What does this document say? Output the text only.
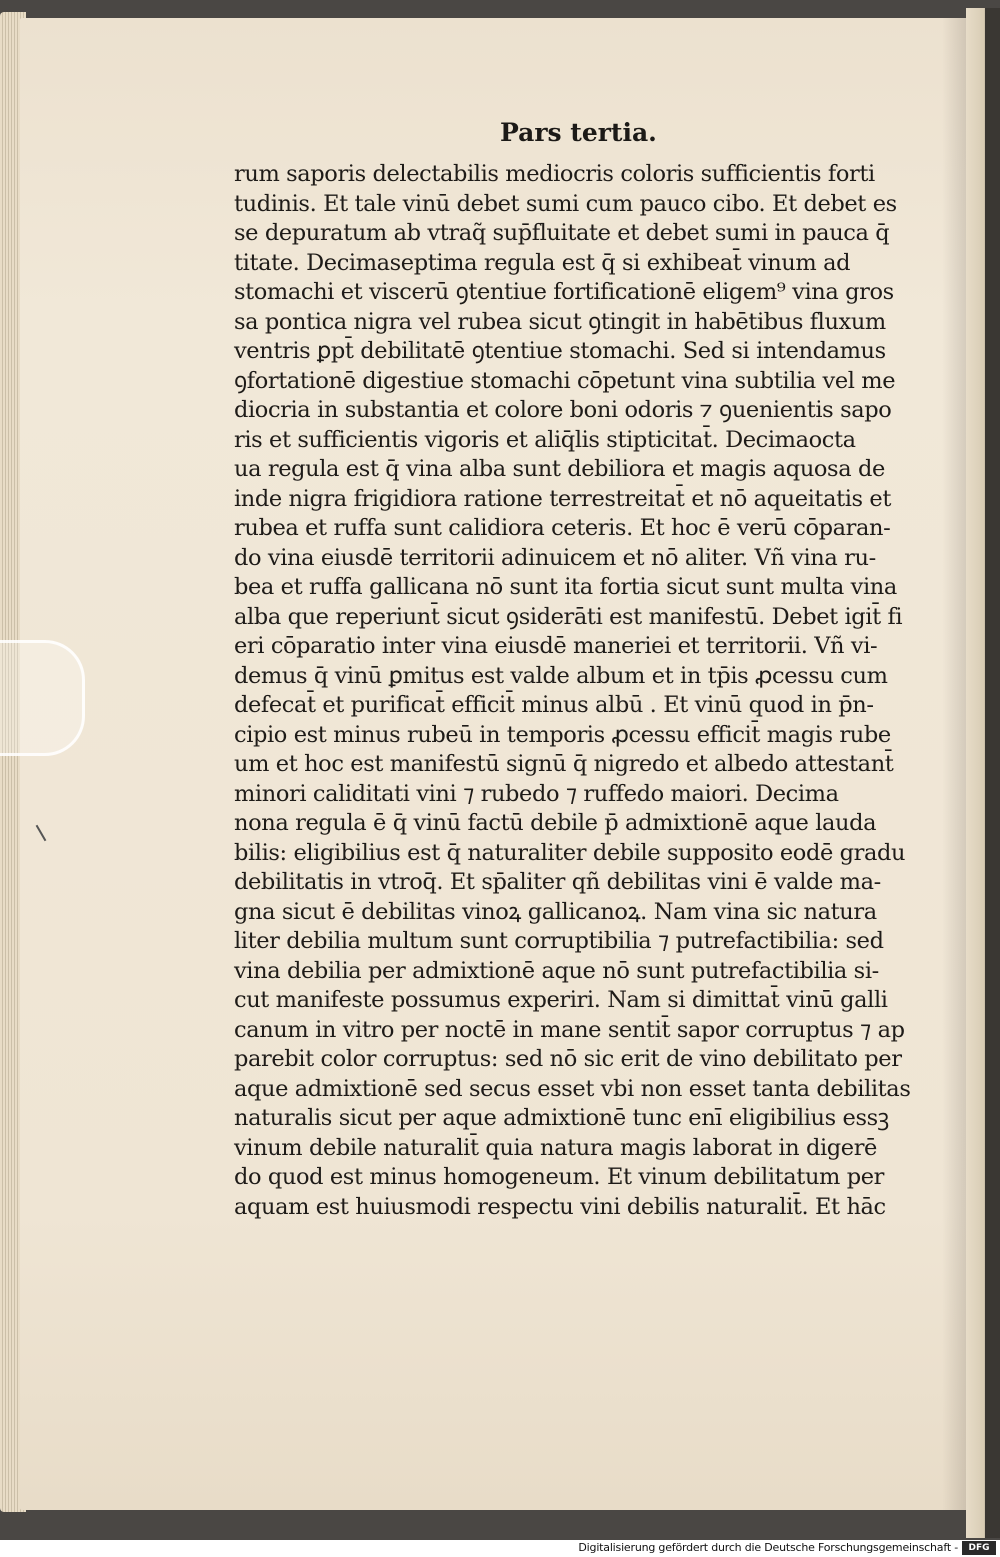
Pars tertia.
rum saporis delectabilis mediocris coloris sufficientis forti
tudinis. Et tale vinū debet sumi cum pauco cibo. Et debet es
se depuratum ab vtraq̃ sup̄fluitate et debet sumi in pauca q̄
titate. Decimaseptima regula est q̄ si exhibeat̄ vinum ad
stomachi et viscerū ꝯtentiue fortificationē eligem⁹ vina gros
sa pontica nigra vel rubea sicut ꝯtingit in habētibus fluxum
ventris ꝑpt̄ debilitatē ꝯtentiue stomachi. Sed si intendamus
ꝯfortationē digestiue stomachi cōpetunt vina subtilia vel me
diocria in substantia et colore boni odoris ⁊ ꝯuenientis sapo
ris et sufficientis vigoris et aliq̄lis stipticitat̄. Decimaocta
ua regula est q̄ vina alba sunt debiliora et magis aquosa de
inde nigra frigidiora ratione terrestreitat̄ et nō aqueitatis et
rubea et ruffa sunt calidiora ceteris. Et hoc ē verū cōparan-
do vina eiusdē territorii adinuicem et nō aliter. Vñ vina ru-
bea et ruffa gallicana nō sunt ita fortia sicut sunt multa vina
alba que reperiunt̄ sicut ꝯsiderāti est manifestū. Debet igit̄ fi
eri cōparatio inter vina eiusdē maneriei et territorii. Vñ vi-
demus q̄ vinū ꝑmitus est valde album et in tp̄is ꝓcessu cum
defecat̄ et purificat̄ efficit̄ minus albū . Et vinū quod in p̄n-
cipio est minus rubeū in temporis ꝓcessu efficit̄ magis rube
um et hoc est manifestū signū q̄ nigredo et albedo attestant̄
minori caliditati vini ⁊ rubedo ⁊ ruffedo maiori. Decima
nona regula ē q̄ vinū factū debile p̄ admixtionē aque lauda
bilis: eligibilius est q̄ naturaliter debile supposito eodē gradu
debilitatis in vtroq̄. Et sp̄aliter qñ debilitas vini ē valde ma-
gna sicut ē debilitas vinoꝝ gallicanoꝝ. Nam vina sic natura
liter debilia multum sunt corruptibilia ⁊ putrefactibilia: sed
vina debilia per admixtionē aque nō sunt putrefactibilia si-
cut manifeste possumus experiri. Nam si dimittat̄ vinū galli
canum in vitro per noctē in mane sentit̄ sapor corruptus ⁊ ap
parebit color corruptus: sed nō sic erit de vino debilitato per
aque admixtionē sed secus esset vbi non esset tanta debilitas
naturalis sicut per aque admixtionē tunc enī eligibilius essꝫ
vinum debile naturalit̄ quia natura magis laborat in digerē
do quod est minus homogeneum. Et vinum debilitatum per
aquam est huiusmodi respectu vini debilis naturalit̄. Et hāc
Digitalisierung gefördert durch die Deutsche Forschungsgemeinschaft -	DFG
